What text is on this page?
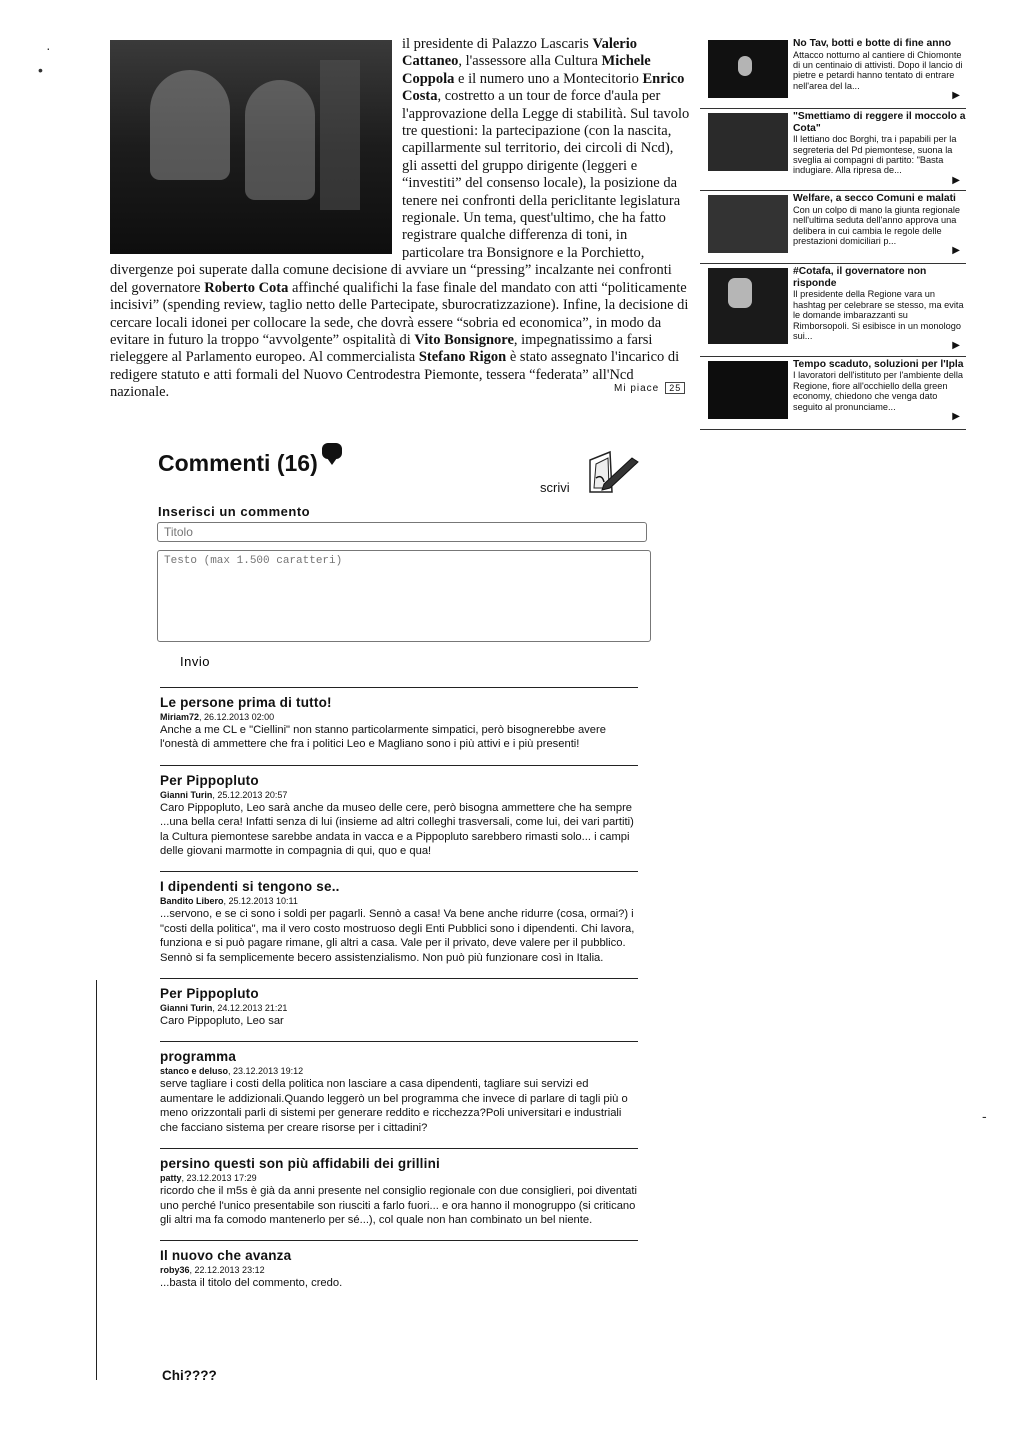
·
•
-

il presidente di Palazzo Lascaris Valerio Cattaneo, l'assessore alla Cultura Michele Coppola e il numero uno a Montecitorio Enrico Costa, costretto a un tour de force d'aula per l'approvazione della Legge di stabilità. Sul tavolo tre questioni: la partecipazione (con la nascita, capillarmente sul territorio, dei circoli di Ncd), gli assetti del gruppo dirigente (leggeri e “investiti” del consenso locale), la posizione da tenere nei confronti della periclitante legislatura regionale. Un tema, quest'ultimo, che ha fatto registrare qualche differenza di toni, in particolare tra Bonsignore e la Porchietto, divergenze poi superate dalla comune decisione di avviare un “pressing” incalzante nei confronti del governatore Roberto Cota affinché qualifichi la fase finale del mandato con atti “politicamente incisivi” (spending review, taglio netto delle Partecipate, sburocratizzazione). Infine, la decisione di cercare locali idonei per collocare la sede, che dovrà essere “sobria ed economica”, in modo da evitare in futuro la troppo “avvolgente” ospitalità di Vito Bonsignore, impegnatissimo a farsi rieleggere al Parlamento europeo. Al commercialista Stefano Rigon è stato assegnato l'incarico di redigere statuto e atti formali del Nuovo Centrodestra Piemonte, tessera “federata” all'Ncd nazionale.	Mi piace 25
No Tav, botti e botte di fine anno
Attacco notturno al cantiere di Chiomonte di un centinaio di attivisti. Dopo il lancio di pietre e petardi hanno tentato di entrare nell'area del la...
▶
"Smettiamo di reggere il moccolo a Cota"
Il lettiano doc Borghi, tra i papabili per la segreteria del Pd piemontese, suona la sveglia ai compagni di partito: "Basta indugiare. Alla ripresa de...
▶
Welfare, a secco Comuni e malati
Con un colpo di mano la giunta regionale nell'ultima seduta dell'anno approva una delibera in cui cambia le regole delle prestazioni domiciliari p...
▶
#Cotafa, il governatore non risponde
Il presidente della Regione vara un hashtag per celebrare se stesso, ma evita le domande imbarazzanti su Rimborsopoli. Si esibisce in un monologo sui...
▶
Tempo scaduto, soluzioni per l'Ipla
I lavoratori dell'istituto per l'ambiente della Regione, fiore all'occhiello della green economy, chiedono che venga dato seguito al pronunciame...
▶
Commenti (16)
scrivi
Inserisci un commento
Titolo
Testo (max 1.500 caratteri)
Invio

Le persone prima di tutto!

Miriam72, 26.12.2013 02:00

Anche a me CL e "Ciellini" non stanno particolarmente simpatici, però bisognerebbe avere l'onestà di ammettere che fra i politici Leo e Magliano sono i più attivi e i più presenti!

Per Pippopluto

Gianni Turin, 25.12.2013 20:57

Caro Pippopluto, Leo sarà anche da museo delle cere, però bisogna ammettere che ha sempre ...una bella cera! Infatti senza di lui (insieme ad altri colleghi trasversali, come lui, dei vari partiti) la Cultura piemontese sarebbe andata in vacca e a Pippopluto sarebbero rimasti solo... i campi delle giovani marmotte in compagnia di qui, quo e qua!

I dipendenti si tengono se..

Bandito Libero, 25.12.2013 10:11

...servono, e se ci sono i soldi per pagarli. Sennò a casa! Va bene anche ridurre (cosa, ormai?) i "costi della politica", ma il vero costo mostruoso degli Enti Pubblici sono i dipendenti. Chi lavora, funziona e si può pagare rimane, gli altri a casa. Vale per il privato, deve valere per il pubblico. Sennò si fa semplicemente becero assistenzialismo. Non può più funzionare così in Italia.

Per Pippopluto

Gianni Turin, 24.12.2013 21:21

Caro Pippopluto, Leo sar

programma

stanco e deluso, 23.12.2013 19:12

serve tagliare i costi della politica non lasciare a casa dipendenti, tagliare sui servizi ed aumentare le addizionali.Quando leggerò un bel programma che invece di parlare di tagli più o meno orizzontali parli di sistemi per generare reddito e ricchezza?Poli universitari e industriali che facciano sistema per creare risorse per i cittadini?

persino questi son più affidabili dei grillini

patty, 23.12.2013 17:29

ricordo che il m5s è già da anni presente nel consiglio regionale con due consiglieri, poi diventati uno perché l'unico presentabile son riusciti a farlo fuori... e ora hanno il monogruppo (si criticano gli altri ma fa comodo mantenerlo per sé...), col quale non han combinato un bel niente.

Il nuovo che avanza

roby36, 22.12.2013 23:12

...basta il titolo del commento, credo.

Chi????
